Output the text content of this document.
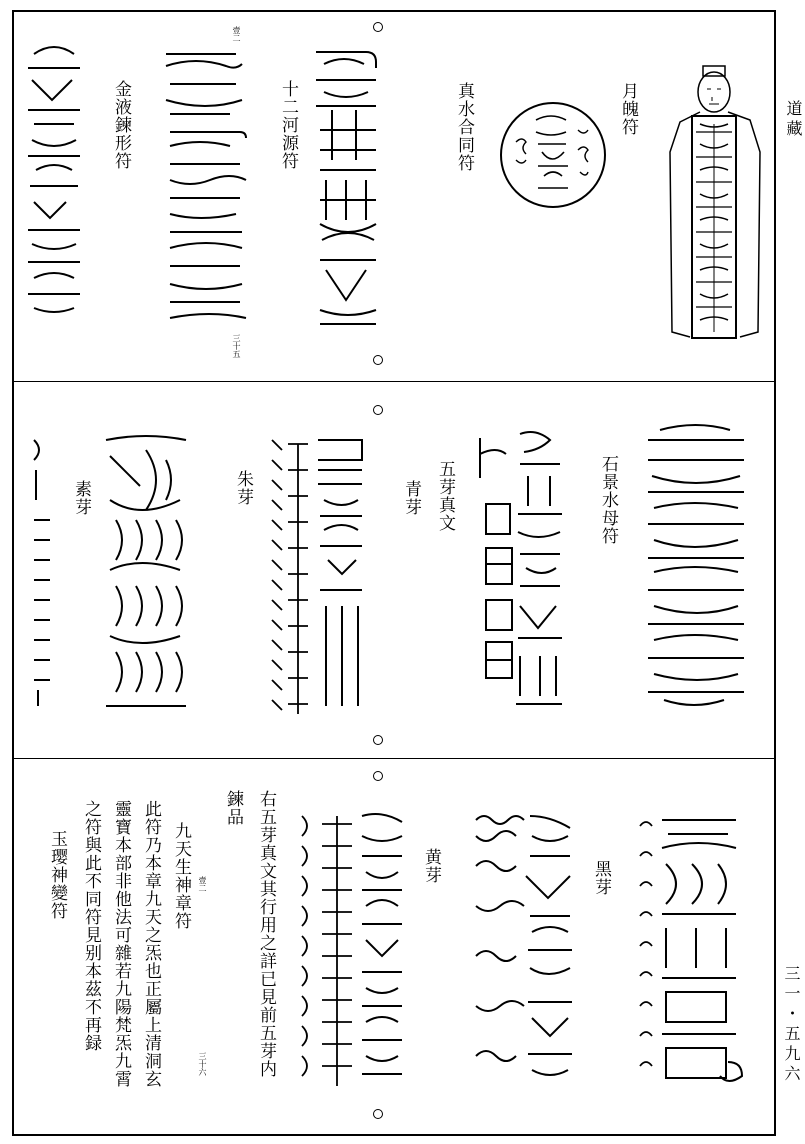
道藏
三一・五九六
月魄符
真水合同符
十二河源符
壹二
三十五
金液鍊形符
石景水母符
五芽真文
青芽
朱芽
素芽
黑芽
黄芽
右五芽真文其行用之詳已見前五芽内
鍊品
壹二
九天生神章符
三十六
此符乃本章九天之炁也正屬上清洞玄
靈寶本部非他法可雜若九陽梵炁九霄
之符與此不同符見别本茲不再録
玉璎神變符
